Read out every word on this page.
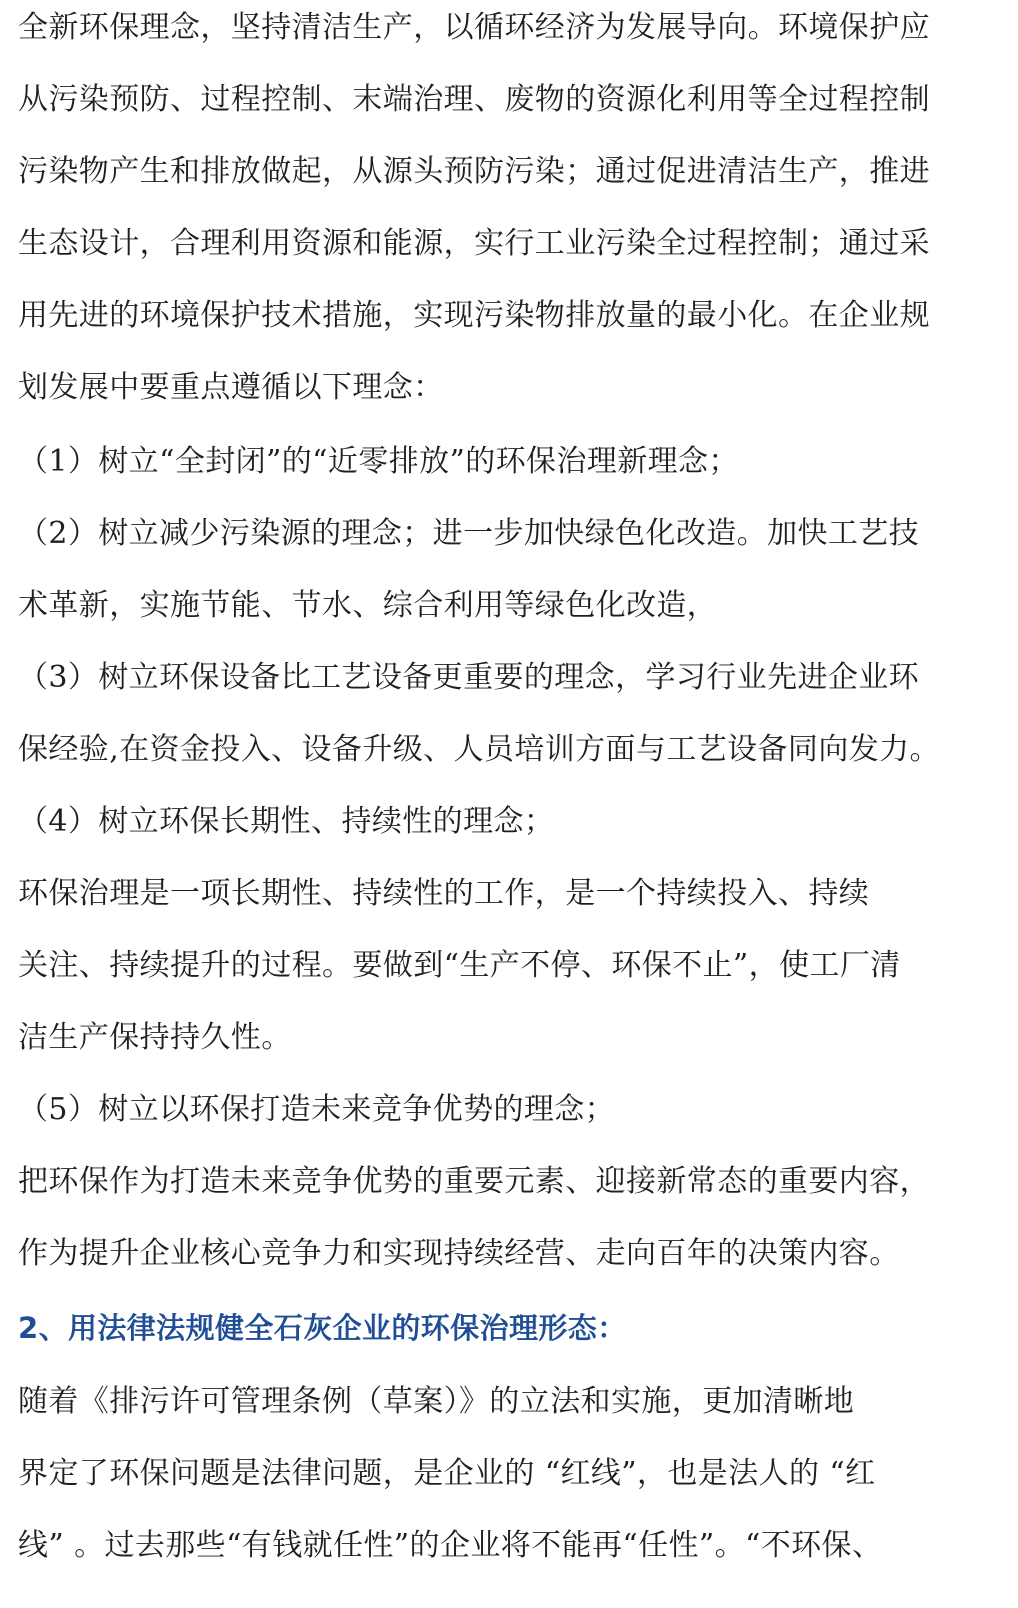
全新环保理念，坚持清洁生产，以循环经济为发展导向。环境保护应
从污染预防、过程控制、末端治理、废物的资源化利用等全过程控制
污染物产生和排放做起，从源头预防污染；通过促进清洁生产，推进
生态设计，合理利用资源和能源，实行工业污染全过程控制；通过采
用先进的环境保护技术措施，实现污染物排放量的最小化。在企业规
划发展中要重点遵循以下理念：
（1）树立“全封闭”的“近零排放”的环保治理新理念；
（2）树立减少污染源的理念；进一步加快绿色化改造。加快工艺技
术革新，实施节能、节水、综合利用等绿色化改造，
（3）树立环保设备比工艺设备更重要的理念，学习行业先进企业环
保经验,在资金投入、设备升级、人员培训方面与工艺设备同向发力。
（4）树立环保长期性、持续性的理念；
环保治理是一项长期性、持续性的工作，是一个持续投入、持续
关注、持续提升的过程。要做到“生产不停、环保不止”，使工厂清
洁生产保持持久性。
（5）树立以环保打造未来竞争优势的理念；
把环保作为打造未来竞争优势的重要元素、迎接新常态的重要内容，
作为提升企业核心竞争力和实现持续经营、走向百年的决策内容。
2、用法律法规健全石灰企业的环保治理形态：
随着《排污许可管理条例（草案）》的立法和实施，更加清晰地
界定了环保问题是法律问题，是企业的 “红线”，也是法人的 “红
线” 。过去那些“有钱就任性”的企业将不能再“任性”。“不环保、
